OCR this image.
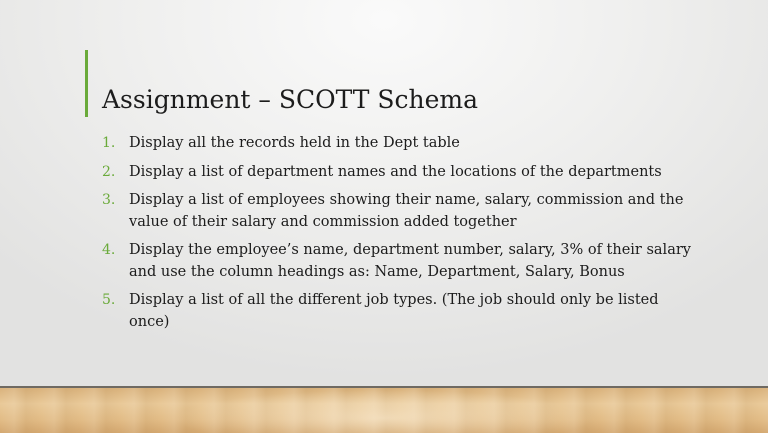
Assignment – SCOTT Schema
1. Display all the records held in the Dept table
2. Display a list of department names and the locations of the departments
3. Display a list of employees showing their name, salary, commission and the value of their salary and commission added together
4. Display the employee’s name, department number, salary, 3% of their salary and use the column headings as: Name, Department, Salary, Bonus
5. Display a list of all the different job types. (The job should only be listed once)
